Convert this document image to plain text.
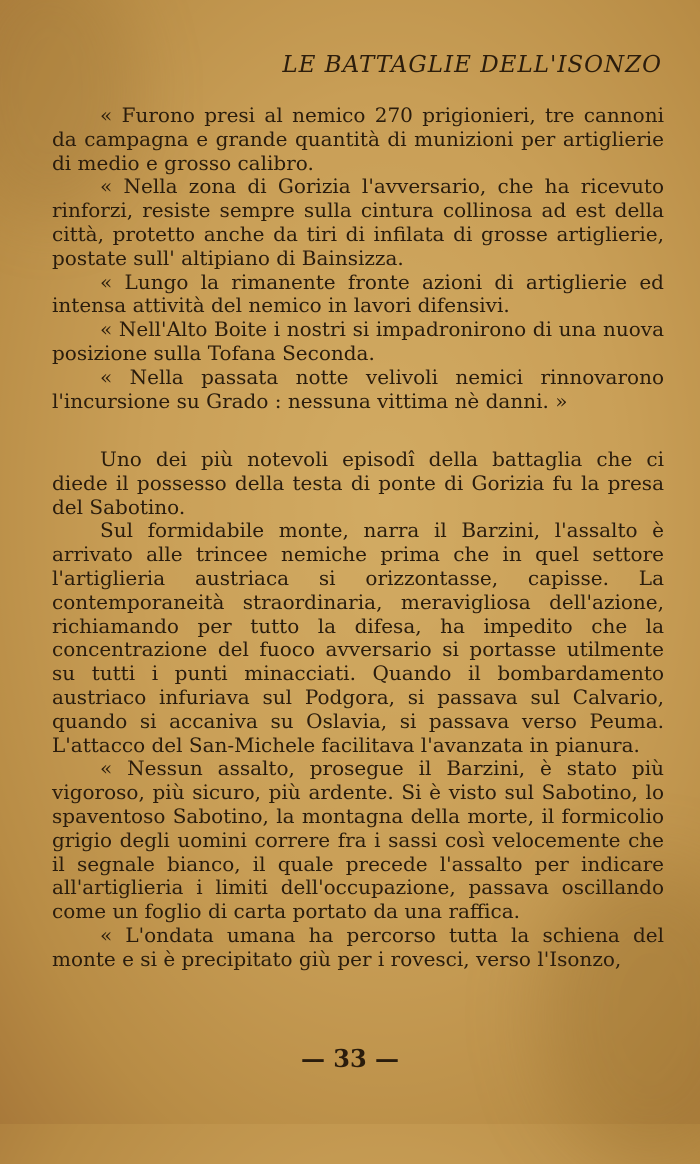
LE BATTAGLIE DELL'ISONZO

« Furono presi al nemico 270 prigionieri, tre cannoni da campagna e grande quantità di munizioni per artiglierie di medio e grosso calibro.

« Nella zona di Gorizia l'avversario, che ha ricevuto rinforzi, resiste sempre sulla cintura collinosa ad est della città, protetto anche da tiri di infilata di grosse artiglierie, postate sull' altipiano di Bainsizza.

« Lungo la rimanente fronte azioni di artiglierie ed intensa attività del nemico in lavori difensivi.

« Nell'Alto Boite i nostri si impadronirono di una nuova posizione sulla Tofana Seconda.

« Nella passata notte velivoli nemici rinnovarono l'incursione su Grado : nessuna vittima nè danni. »

Uno dei più notevoli episodî della battaglia che ci diede il possesso della testa di ponte di Gorizia fu la presa del Sabotino.

Sul formidabile monte, narra il Barzini, l'assalto è arrivato alle trincee nemiche prima che in quel settore l'artiglieria austriaca si orizzontasse, capisse. La contemporaneità straordinaria, meravigliosa dell'azione, richiamando per tutto la difesa, ha impedito che la concentrazione del fuoco avversario si portasse utilmente su tutti i punti minacciati. Quando il bombardamento austriaco infuriava sul Podgora, si passava sul Calvario, quando si accaniva su Oslavia, si passava verso Peuma. L'attacco del San-Michele facilitava l'avanzata in pianura.

« Nessun assalto, prosegue il Barzini, è stato più vigoroso, più sicuro, più ardente. Si è visto sul Sabotino, lo spaventoso Sabotino, la montagna della morte, il formicolio grigio degli uomini correre fra i sassi così velocemente che il segnale bianco, il quale precede l'assalto per indicare all'artiglieria i limiti dell'occupazione, passava oscillando come un foglio di carta portato da una raffica.

« L'ondata umana ha percorso tutta la schiena del monte e si è precipitato giù per i rovesci, verso l'Isonzo,

— 33 —
